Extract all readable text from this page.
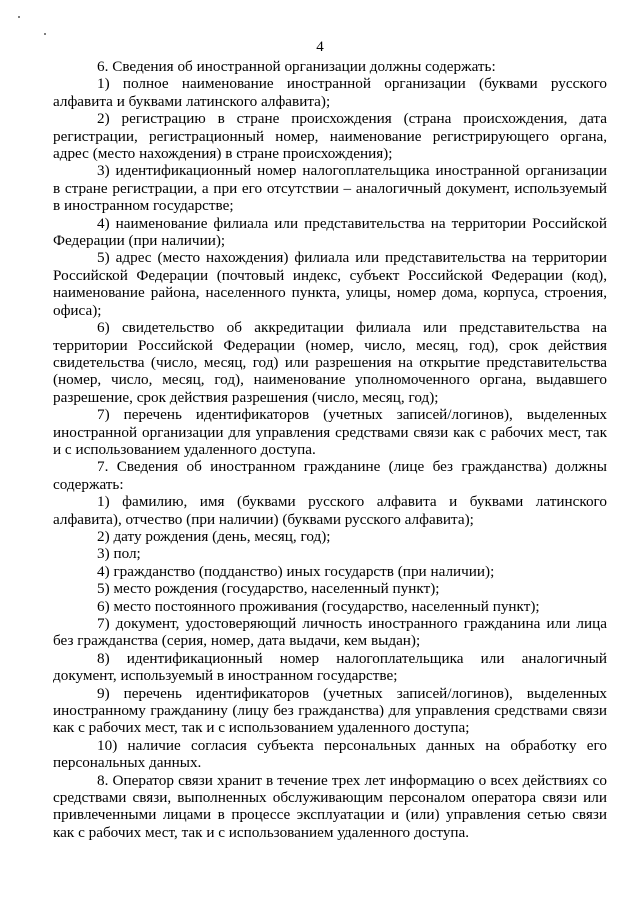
4

6. Сведения об иностранной организации должны содержать:

1) полное наименование иностранной организации (буквами русского алфавита и буквами латинского алфавита);

2) регистрацию в стране происхождения (страна происхождения, дата регистрации, регистрационный номер, наименование регистрирующего органа, адрес (место нахождения) в стране происхождения);

3) идентификационный номер налогоплательщика иностранной организации в стране регистрации, а при его отсутствии – аналогичный документ, используемый в иностранном государстве;

4) наименование филиала или представительства на территории Российской Федерации (при наличии);

5) адрес (место нахождения) филиала или представительства на территории Российской Федерации (почтовый индекс, субъект Российской Федерации (код), наименование района, населенного пункта, улицы, номер дома, корпуса, строения, офиса);

6) свидетельство об аккредитации филиала или представительства на территории Российской Федерации (номер, число, месяц, год), срок действия свидетельства (число, месяц, год) или разрешения на открытие представительства (номер, число, месяц, год), наименование уполномоченного органа, выдавшего разрешение, срок действия разрешения (число, месяц, год);

7) перечень идентификаторов (учетных записей/логинов), выделенных иностранной организации для управления средствами связи как с рабочих мест, так и с использованием удаленного доступа.

7. Сведения об иностранном гражданине (лице без гражданства) должны содержать:

1) фамилию, имя (буквами русского алфавита и буквами латинского алфавита), отчество (при наличии) (буквами русского алфавита);

2) дату рождения (день, месяц, год);

3) пол;

4) гражданство (подданство) иных государств (при наличии);

5) место рождения (государство, населенный пункт);

6) место постоянного проживания (государство, населенный пункт);

7) документ, удостоверяющий личность иностранного гражданина или лица без гражданства (серия, номер, дата выдачи, кем выдан);

8) идентификационный номер налогоплательщика или аналогичный документ, используемый в иностранном государстве;

9) перечень идентификаторов (учетных записей/логинов), выделенных иностранному гражданину (лицу без гражданства) для управления средствами связи как с рабочих мест, так и с использованием удаленного доступа;

10) наличие согласия субъекта персональных данных на обработку его персональных данных.

8. Оператор связи хранит в течение трех лет информацию о всех действиях со средствами связи, выполненных обслуживающим персоналом оператора связи или привлеченными лицами в процессе эксплуатации и (или) управления сетью связи как с рабочих мест, так и с использованием удаленного доступа.
